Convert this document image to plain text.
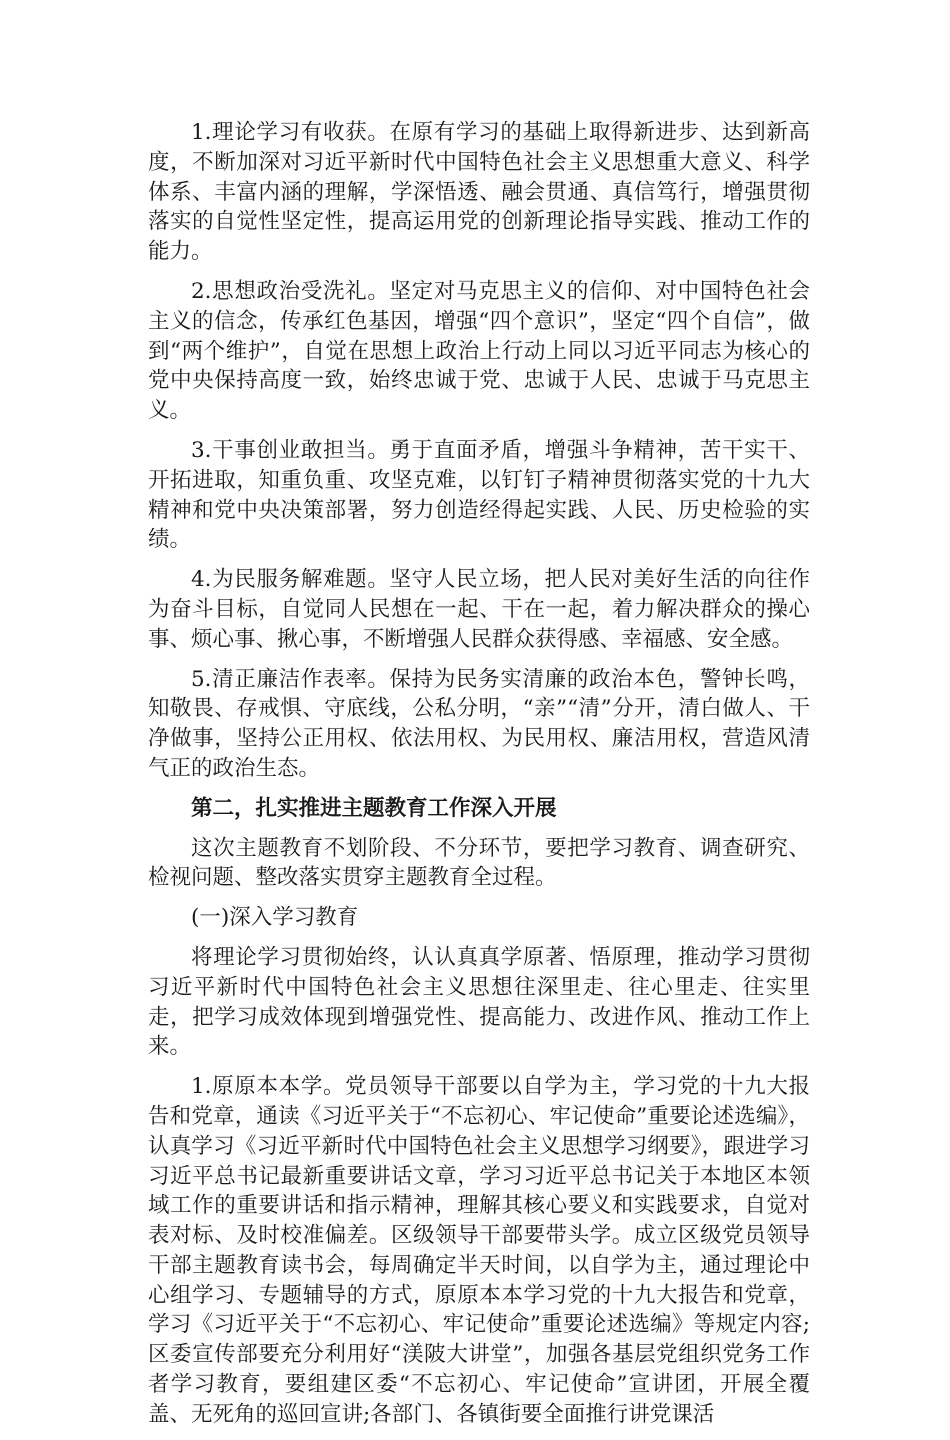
1.理论学习有收获。在原有学习的基础上取得新进步、达到新高度，不断加深对习近平新时代中国特色社会主义思想重大意义、科学体系、丰富内涵的理解，学深悟透、融会贯通、真信笃行，增强贯彻落实的自觉性坚定性，提高运用党的创新理论指导实践、推动工作的能力。

2.思想政治受洗礼。坚定对马克思主义的信仰、对中国特色社会主义的信念，传承红色基因，增强“四个意识”，坚定“四个自信”，做到“两个维护”，自觉在思想上政治上行动上同以习近平同志为核心的党中央保持高度一致，始终忠诚于党、忠诚于人民、忠诚于马克思主义。

3.干事创业敢担当。勇于直面矛盾，增强斗争精神，苦干实干、开拓进取，知重负重、攻坚克难，以钉钉子精神贯彻落实党的十九大精神和党中央决策部署，努力创造经得起实践、人民、历史检验的实绩。

4.为民服务解难题。坚守人民立场，把人民对美好生活的向往作为奋斗目标，自觉同人民想在一起、干在一起，着力解决群众的操心事、烦心事、揪心事，不断增强人民群众获得感、幸福感、安全感。

5.清正廉洁作表率。保持为民务实清廉的政治本色，警钟长鸣，知敬畏、存戒惧、守底线，公私分明，“亲”“清”分开，清白做人、干净做事，坚持公正用权、依法用权、为民用权、廉洁用权，营造风清气正的政治生态。

第二，扎实推进主题教育工作深入开展

这次主题教育不划阶段、不分环节，要把学习教育、调查研究、检视问题、整改落实贯穿主题教育全过程。

(一)深入学习教育

将理论学习贯彻始终，认认真真学原著、悟原理，推动学习贯彻习近平新时代中国特色社会主义思想往深里走、往心里走、往实里走，把学习成效体现到增强党性、提高能力、改进作风、推动工作上来。

1.原原本本学。党员领导干部要以自学为主，学习党的十九大报告和党章，通读《习近平关于“不忘初心、牢记使命”重要论述选编》，认真学习《习近平新时代中国特色社会主义思想学习纲要》，跟进学习习近平总书记最新重要讲话文章，学习习近平总书记关于本地区本领域工作的重要讲话和指示精神，理解其核心要义和实践要求，自觉对表对标、及时校准偏差。区级领导干部要带头学。成立区级党员领导干部主题教育读书会，每周确定半天时间，以自学为主，通过理论中心组学习、专题辅导的方式，原原本本学习党的十九大报告和党章，学习《习近平关于“不忘初心、牢记使命”重要论述选编》等规定内容;区委宣传部要充分利用好“渼陂大讲堂”，加强各基层党组织党务工作者学习教育，要组建区委“不忘初心、牢记使命”宣讲团，开展全覆盖、无死角的巡回宣讲;各部门、各镇街要全面推行讲党课活
